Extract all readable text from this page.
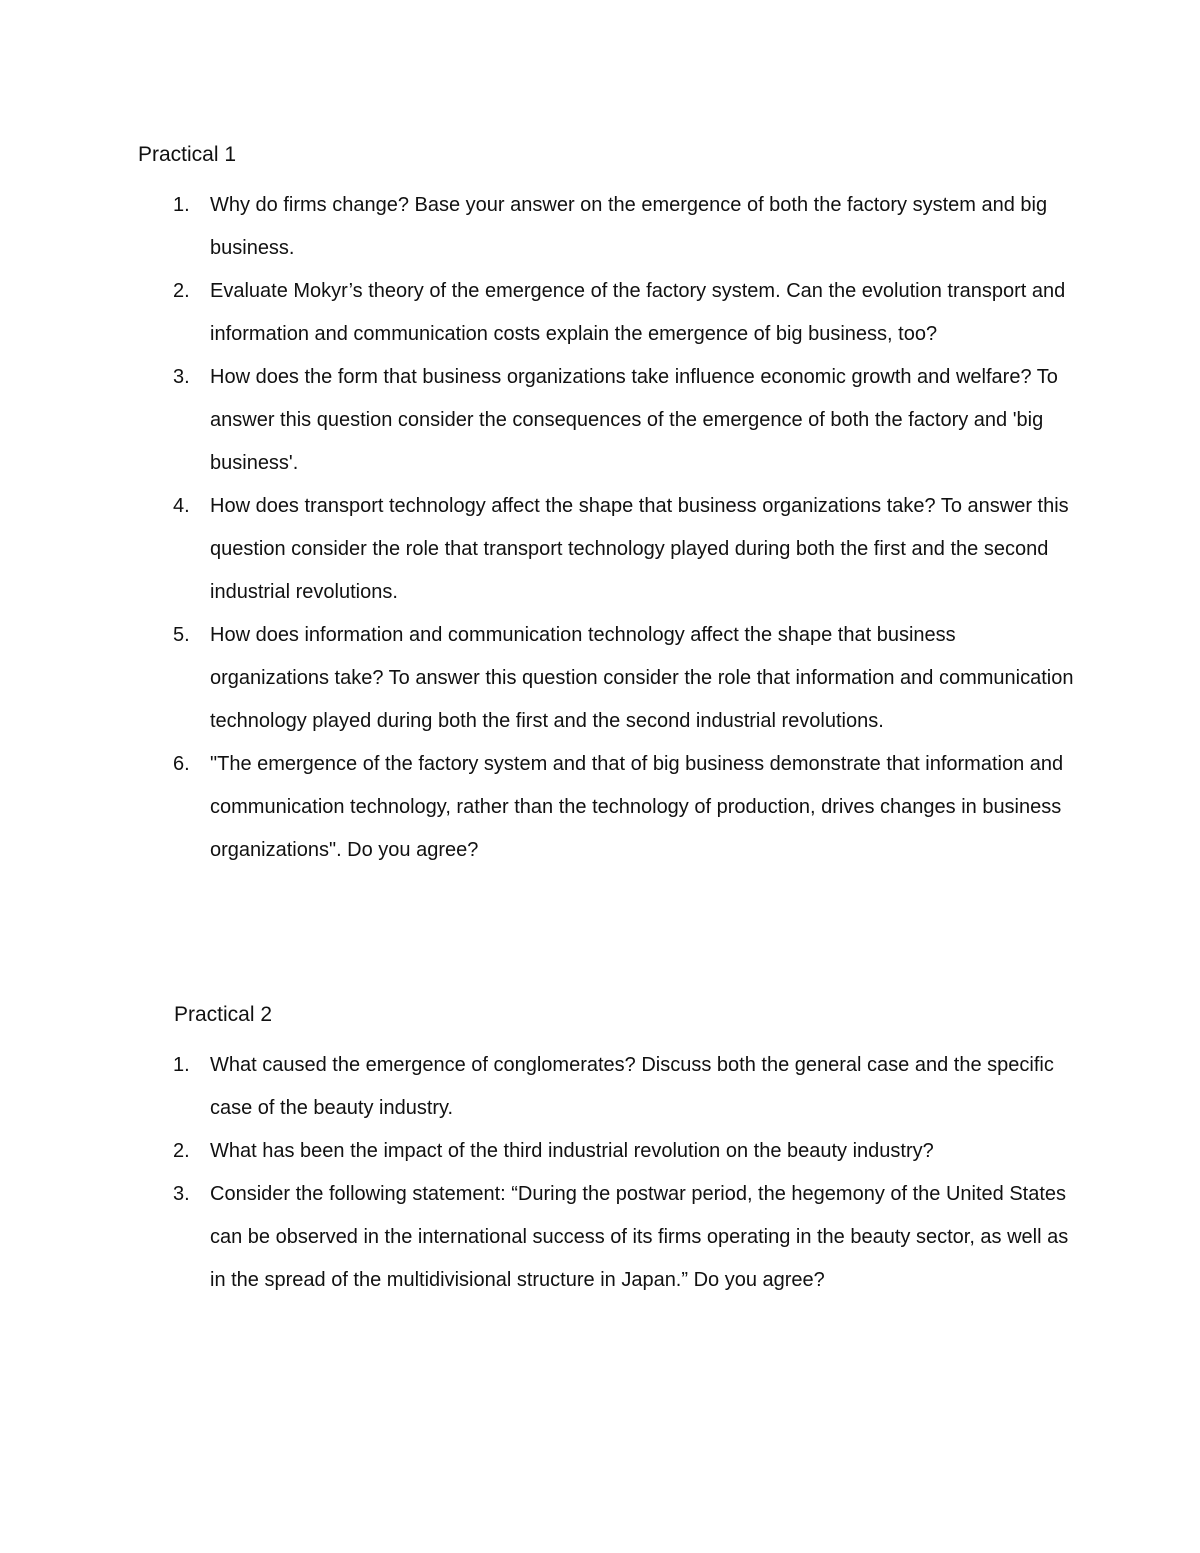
Practical 1
1. Why do firms change? Base your answer on the emergence of both the factory system and big business.
2. Evaluate Mokyr’s theory of the emergence of the factory system. Can the evolution transport and information and communication costs explain the emergence of big business, too?
3. How does the form that business organizations take influence economic growth and welfare? To answer this question consider the consequences of the emergence of both the factory and 'big business'.
4. How does transport technology affect the shape that business organizations take? To answer this question consider the role that transport technology played during both the first and the second industrial revolutions.
5. How does information and communication technology affect the shape that business organizations take? To answer this question consider the role that information and communication technology played during both the first and the second industrial revolutions.
6. "The emergence of the factory system and that of big business demonstrate that information and communication technology, rather than the technology of production, drives changes in business organizations". Do you agree?
Practical 2
1. What caused the emergence of conglomerates? Discuss both the general case and the specific case of the beauty industry.
2. What has been the impact of the third industrial revolution on the beauty industry?
3. Consider the following statement: “During the postwar period, the hegemony of the United States can be observed in the international success of its firms operating in the beauty sector, as well as in the spread of the multidivisional structure in Japan.” Do you agree?
